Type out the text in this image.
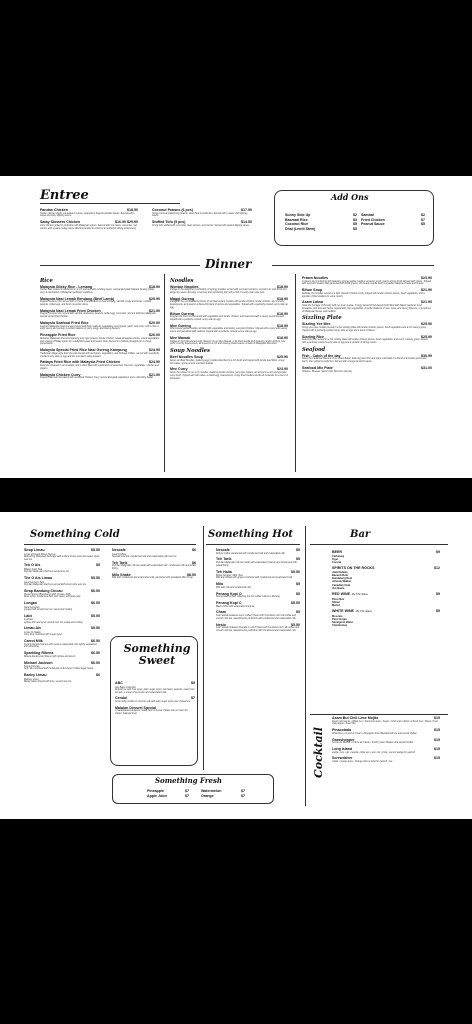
Entree
Pandan Chicken	$18.50
Tender chicken thighs marinated in spices, wrapped in fragrant pandan leaves. Served with a sweet and spicy dipping sauce.
Satay Skewers Chicken	$16.90 $29.90
Juicy chicken grilled to perfection with Malaysian spices. Served with rice cakes, cucumber, red onions, and a peanut satay sauce (Recommended to order for an authentic dining experience).
Coconut Prawns (6 pcs)	$17.90
Crispy coconut coated king prawns, deep fried to perfection. Served with a sweet chilli dipping sauce.
Stuffed Tofu (5 pcs)	$14.50
Crispy tofu stuffed with cucumber, bean sprouts, and carrots. Served with peanut dipping sauce.
Add Ons
Sunny Side Up	$2
Basmati Rice	$3
Coconut Rice	$5
Dhal (Lentil Stew)	$5
Sambal	$2
Fried Chicken	$7
Peanut Sauce	$5
Dinner
Rice
Malaysia Sticky Rice - Lemang	$18.90
Tender beef cooked to perfection in a rich and aromatic rendang sauce, served alongside fragrant lemang (sticky rice). A celebration of Malaysian authentic traditions.
Malaysia Nasi Lemak Rendang (Beef Lamb)	$25.90
Fragrant coconut rice served with a choice of tender lamb or beef rendang, sambal, crispy anchovies, roasted peanuts, boiled egg, and fresh cucumber slices.
Malaysia Nasi Lemak Fried Chicken	$21.90
Fragrant coconut rice served with sambal, anchovies, peanuts, boiled egg, cucumber, and our delicious Malaysian special spiced fried chicken.
Malaysia Seafood Fried Rice	$20.00
Fragrant Malaysian fried rice wok-tossed with fresh seafood, vegetables, lemongrass, garlic, and onion, with a hint of spicy sauce and sambal. A perfect balance of spicy, tangy, and savory flavours.
Pineapple Fried Rice	$26.00
Delicious Malaysian fried rice featuring juicy tiger prawns, tender chicken, sweet pineapple chunks, mixed vegetables, and a blend of Malay spices for a delightful sweet and savory taste. Served in a halved pineapple for a unique presentation.
Malaysia Special Fried Rice Nasi Goreng Kampung	$24.90
Traditional village-style fried rice wok-tossed with anchovies, vegetables, and birdseye chillies, served with a perfectly cooked sunny side up egg and two succulent satay skewers.
Pattaya Fried Rice with Malaysia Fried Chicken	$24.90
Fried rice wrapped in an omelette, and is often filled with condiments of seasoned, fried rice, vegetables, chicken and prawns.
Malaysia Chicken Curry	$21.90
Fragrant Basmati rice paired with succulent Chicken Curry, served alongside papadums and a refreshing Salad.
Noodles
Wonton Noodles	$18.90
Indulge in the delightful combination of springy noodles served with succulent wontons, served in its own broth and tangy soy sauce dressing. A sensory and comforting dish with a hint of smoky char-siew pork.
Maggi Goreng	$18.90
Indulge in the mouthwatering fusion of stir-fried instant noodles with tender chicken, tender chicken, and crunchy beansprouts, all tossed in a flavourful blend of spices and vegetables. Topped with a perfectly cooked sunny side up egg.
Bihun Goreng	$18.90
Fragrant stir-fried rice vermicelli with vegetables and tender chicken, and seasoned with a savory seasoning and topped with a perfectly cooked sunny side up egg.
Mee Goreng	$18.90
Wok-tossed yellow noodles stir-fried with vegetables and tender, succulent chicken. Infused with a spicy and savory sauce and garnished with seafood, topped with a perfectly cooked sunny side up egg.
Mee Mamak	$18.90
Indulge in the bold and aromatic flavours of our Mee Mamak, a stir-fried noodle dish featuring tender chicken, tofu puffs, crunchy beansprouts, all tossed in a rich and creamy peanut sauce. A taste of Malaysian favourites.
Soup Noodles
Beef Noodles Soup	$25.90
Savor our Beef Noodles, featuring egg noodles blanched in a rich broth and topped with tender beef fillets, crispy fish cakes, spring onions and fried shallots.
Mee Curry	$23.90
Savor the vibrant of our curry noodles, featuring tender chicken, juicy tiger prawns, all served in a rich and aromatic curry broth. Topped with fish cakes, a boiled egg, beansprouts, crispy fried shallots and fresh coriander for a burst of perfection.
Prawn Noodles	$23.90
A classic and comforting dish featuring springy yellow noodles served in a rich, hearty shrimp broth infused with spices. Topped with succulent prawns and garnished with fresh greens, this hearty noodle bowl is a perfect balance of taste and texture.
Bihun Soup	$21.90
Delicate rice noodles served in a light, flavorful chicken broth, topped with tender chicken pieces, fresh vegetables, and a sprinkle of fried shallots for extra crunch.
Asam Laksa	$21.90
Taste the heritage of Penang with our Asam Laksa. A tangy tamarind fish-based broth filled with flaked mackerel, fresh pineapple, and aromatic herbs, topped with crisp vegetables. A perfect balance of sour, spicy, and savory flavours, a symphony of Malaysian flavour and tradition.
Sizzling Plate
Sizzling Yee Mee	$25.90
Crispy yee mee noodles tossed in a hot sizzling plate with tender chicken pieces, fresh vegetables and a rich savory gravy. Topped with a perfectly cooked sunny side up egg and a burst of flavour.
Sizzling Rice	$25.90
Seasoned rice served on a hot sizzling plate with tender chicken pieces, fresh vegetables, and a rich, savoury gravy, topped with a perfectly cooked sunny side up egg and a sprinkle of spring onions.
Seafood
Fish - Catch of the day	$30.99
Savor the traditional flavours of our Asam Bakar, featuring fresh fish and spice marinated in a blend of aromatic spices and herbs, then grilled to perfection. Served with a tangy tamarind sauce.
Seafood Mix Plate	$31.00
(Prawns, Mussels, Squid, Fish, Broccoli, Carrots)
Something Cold
Sirap Limau	$5.50
Lime Infused Rose Syrup
Refreshing Malaysian beverage with a blend of lime juice and sweet syrup over ice.
Teh O Ais	$5
Black Iced Tea
Popular Malaysian black tea served over ice.
The O Ais Limau	$5.50
Iced Lemon Tea
Popular Malaysian black tea served with lemon juice over ice.
Sirap Bandung Cincau	$6.50
Rose Syrup Bandung with Grass Jelly
Rose syrup, condensed milk, and sweet, soft grass jelly.
Longan	$6.50
Iced Longan
Longan fruit served over ice, sweet and cooling.
Laici	$5.50
Lychee
Lychee fruit and syrup served over ice, sweet and cooling.
Limau Ais	$5.50
Lime-O-Nade
Juicy lime combined with sugar syrup.
Carrot Milk	$6.50
Freshly blended carrots with creamy evaporated milk, lightly sweetened and refreshing.
Sparkling Ribena	$6.50
Ribena blackcurrant flavour with lychee and lemon.
Michael Jackson	$6.50
Soya Cincau
Soy milk combined with herbal jelly of Ecology's Yellow Sugar Syrup.
Barley Limau	$6
Barley Lime
Barley water infused with lime, served over ice.
Nescafe	$6
Iced Coffee
Nescafe iced tea, condensed milk and evaporated milk over ice.
Teh Tarik	$6
Popular Malaysian milk tea made with evaporated milk, condensed milk and pulled frothy.
Milo Shake	$8.50
Milo with condensed and evaporated milk, garnished with powdered Milo on top.
Something Sweet
ABC	$9
Ais Batu Campur
Shaved ice with rose syrup, palm sugar syrup, red beans, peanuts, sweet corn kernels, a scoop of ice cream and evaporated milk.
Cendol	$7
Green jelly noodles in coconut milk with palm sugar syrup over shaved ice.
Malaion Dessert Special
A handpicked indulgence made fresh in-house. Please ask our team for today's featured treat.
Something Fresh
Pineapple	$7
Apple Juice	$7
Watermelon	$7
Orange	$7
Something Hot
Nescafe	$5
Robust coffee sweetened with condensed milk and evaporated milk.
Teh Tarik	$5
Popular Malaysian milk tea made with evaporated creamer and condensed milk, pulled frothy.
Teh Halia	$5.50
Brew Ginger Milk Tea
Milk tea infused with ginger combined with condensed and evaporated milk.
Milo	$5
Milo with milk and condensed milk.
Penang Kopi O	$5
Strong black coffee, reflecting the rich coffee culture in Penang.
Penang Kopi C	$5.50
Black coffee with evaporated creamer.
Cham	$5
Can't decide between tea or coffee? Have both! Combines rich milk coffee and smooth milk tea, sweetened to perfection with condensed and evaporated milk.
Neslo	$5.50
Can't decide between Nescafe or milo? Have both! Combines rich milk coffee and smooth milk tea, sweetened to perfection with condensed and evaporated milk.
Bar
BEER	$9
Carlsberg
Tiger
Corona
SPIRITS ON THE ROCKS	$12
Jack Daniels
Bacardi Rum
Bundaberg Rum
Johnnie Walker
Canadian Club
Jim Beam
RED WINE - By The Glass	$9
Pinot Noir
Shiraz
Merlot
WHITE WINE - By The Glass	$9
Moscato
Pinot Grigio
Sauvignon Blanc
Chardonnay
Cocktail
Asam Bui Chili Lime Mojito	$15
Fresh mint leaves • White rum • Fresh lime juice • Sugar • Club soda • Slices of fresh lime • Slices of red chili pepper • Asam Bui
Pinacolada	$15
White Rum • Coconut Cream • Pineapple Juice Blended with ice and served chilled.
Grasshopper	$15
Crème de Menthe • Crème de Cacao • Fresh Cream Shaken and served chilled.
Long Island	$15
vodka • rum • gin • tequila • triple sec • sour mix • Cola • Lemon wedge for garnish
Screwdriver	$15
vodka • orange juice • Orange slice or twist for garnish • Ice
